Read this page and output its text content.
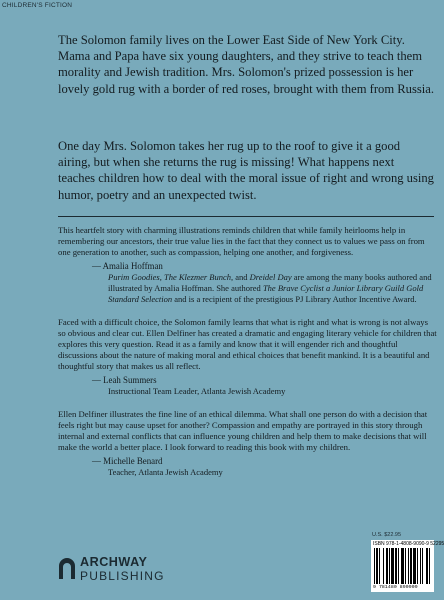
CHILDREN'S FICTION

The Solomon family lives on the Lower East Side of New York City. Mama and Papa have six young daughters, and they strive to teach them morality and Jewish tradition. Mrs. Solomon's prized possession is her lovely gold rug with a border of red roses, brought with them from Russia.

One day Mrs. Solomon takes her rug up to the roof to give it a good airing, but when she returns the rug is missing! What happens next teaches children how to deal with the moral issue of right and wrong using humor, poetry and an unexpected twist.

This heartfelt story with charming illustrations reminds children that while family heirlooms help in remembering our ancestors, their true value lies in the fact that they connect us to values we pass on from one generation to another, such as compassion, helping one another, and forgiveness.

— Amalia Hoffman
Purim Goodies, The Klezmer Bunch, and Dreidel Day are among the many books authored and illustrated by Amalia Hoffman. She authored The Brave Cyclist a Junior Library Guild Gold Standard Selection and is a recipient of the prestigious PJ Library Author Incentive Award.

Faced with a difficult choice, the Solomon family learns that what is right and what is wrong is not always so obvious and clear cut. Ellen Delfiner has created a dramatic and engaging literary vehicle for children that explores this very question. Read it as a family and know that it will engender rich and thoughtful discussions about the nature of making moral and ethical choices that benefit mankind. It is a beautiful and thoughtful story that makes us all reflect.

— Leah Summers
Instructional Team Leader, Atlanta Jewish Academy

Ellen Delfiner illustrates the fine line of an ethical dilemma. What shall one person do with a decision that feels right but may cause upset for another? Compassion and empathy are portrayed in this story through internal and external conflicts that can influence young children and help them to make decisions that will make the world a better place. I look forward to reading this book with my children.

— Michelle Benard
Teacher, Atlanta Jewish Academy
U.S. $22.95
ISBN 978-1-4808-9090-9 52295
9 781480 890909
ARCHWAY
PUBLISHING
